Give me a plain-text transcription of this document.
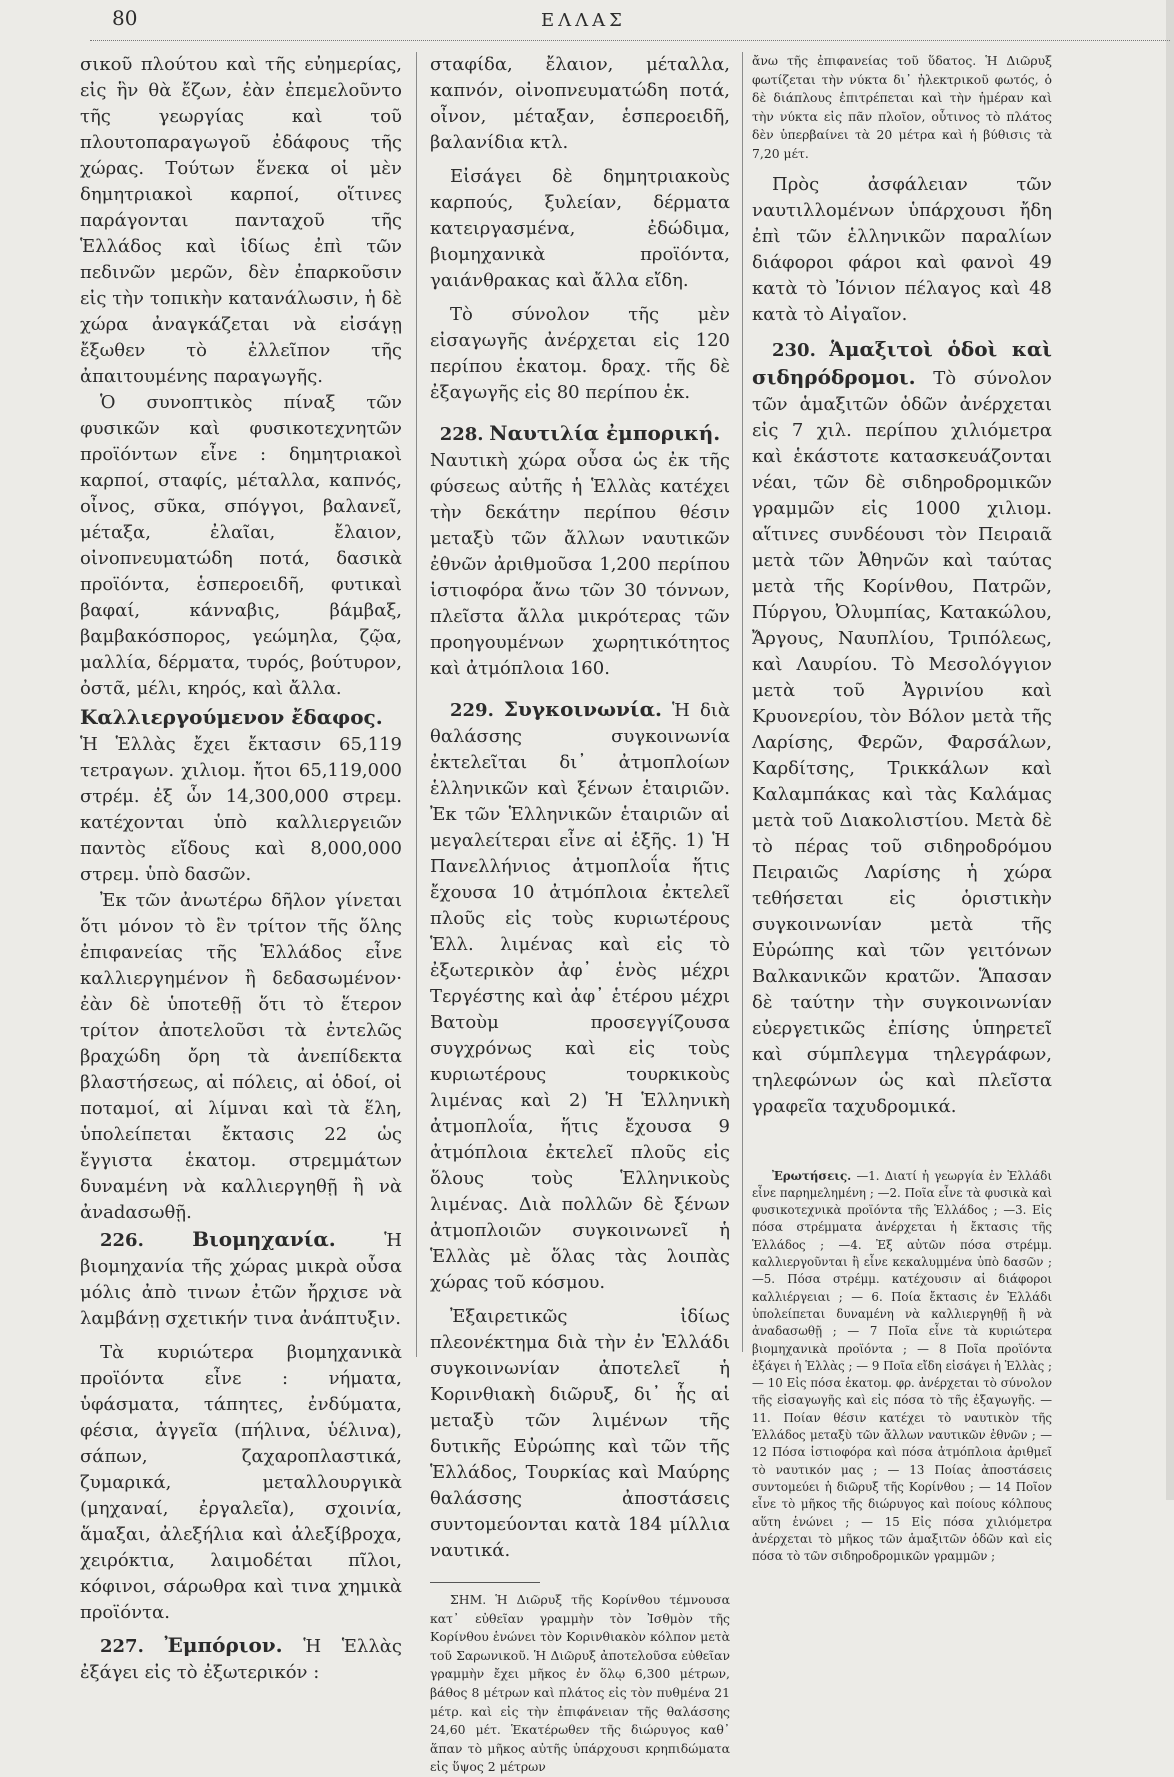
80	ΕΛΛΑΣ

σικοῦ πλούτου καὶ τῆς εὐημερίας, εἰς ἣν θὰ ἔζων, ἐὰν ἐπεμελοῦντο τῆς γεωργίας καὶ τοῦ πλουτοπαραγωγοῦ ἐδάφους τῆς χώρας. Τούτων ἕνεκα οἱ μὲν δημητριακοὶ καρποί, οἵτινες παράγονται πανταχοῦ τῆς Ἑλλάδος καὶ ἰδίως ἐπὶ τῶν πεδινῶν μερῶν, δὲν ἐπαρκοῦσιν εἰς τὴν τοπικὴν κατανάλωσιν, ἡ δὲ χώρα ἀναγκάζεται νὰ εἰσάγῃ ἔξωθεν τὸ ἐλλεῖπον τῆς ἀπαιτουμένης παραγωγῆς.

Ὁ συνοπτικὸς πίναξ τῶν φυσικῶν καὶ φυσικοτεχνητῶν προϊόντων εἶνε : δημητριακοὶ καρποί, σταφίς, μέταλλα, καπνός, οἶνος, σῦκα, σπόγγοι, βαλανεῖ, μέταξα, ἐλαῖαι, ἔλαιον, οἰνοπνευματώδη ποτά, δασικὰ προϊόντα, ἑσπεροειδῆ, φυτικαὶ βαφαί, κάνναβις, βάμβαξ, βαμβακόσπορος, γεώμηλα, ζῷα, μαλλία, δέρματα, τυρός, βούτυρον, ὀστᾶ, μέλι, κηρός, καὶ ἄλλα.

Καλλιεργούμενον ἔδαφος.

Ἡ Ἑλλὰς ἔχει ἔκτασιν 65,119 τετραγων. χιλιομ. ἤτοι 65,119,000 στρέμ. ἐξ ὧν 14,300,000 στρεμ. κατέχονται ὑπὸ καλλιεργειῶν παντὸς εἴδους καὶ 8,000,000 στρεμ. ὑπὸ δασῶν.

Ἐκ τῶν ἀνωτέρω δῆλον γίνεται ὅτι μόνον τὸ ἓν τρίτον τῆς ὅλης ἐπιφανείας τῆς Ἑλλάδος εἶνε καλλιεργημένον ἢ δεδασωμένον· ἐὰν δὲ ὑποτεθῇ ὅτι τὸ ἕτερον τρίτον ἀποτελοῦσι τὰ ἐντελῶς βραχώδη ὄρη τὰ ἀνεπίδεκτα βλαστήσεως, αἱ πόλεις, αἱ ὁδοί, οἱ ποταμοί, αἱ λίμναι καὶ τὰ ἕλη, ὑπολείπεται ἔκτασις 22 ὡς ἔγγιστα ἑκατομ. στρεμμάτων δυναμένη νὰ καλλιεργηθῇ ἢ νὰ ἀνadασωθῇ.

226. Βιομηχανία.	Ἡ βιομηχανία τῆς χώρας μικρὰ οὖσα μόλις ἀπὸ τινων ἐτῶν ἤρχισε νὰ λαμβάνῃ σχετικήν τινα ἀνάπτυξιν.

Τὰ κυριώτερα βιομηχανικὰ προϊόντα εἶνε : νήματα, ὑφάσματα, τάπητες, ἐνδύματα, φέσια, ἀγγεῖα (πήλινα, ὑέλινα), σάπων, ζαχαροπλαστικά, ζυμαρικά, μεταλλουργικὰ (μηχαναί, ἐργαλεῖα), σχοινία, ἅμαξαι, ἀλεξήλια καὶ ἀλεξίβροχα, χειρόκτια, λαιμοδέται πῖλοι, κόφινοι, σάρωθρα καὶ τινα χημικὰ προϊόντα.

227. Ἐμπόριον. Ἡ Ἑλλὰς ἐξάγει εἰς τὸ ἐξωτερικόν :

σταφίδα, ἔλαιον, μέταλλα, καπνόν, οἰνοπνευματώδη ποτά, οἶνον, μέταξαν, ἑσπεροειδῆ, βαλανίδια κτλ.

Εἰσάγει δὲ δημητριακοὺς καρπούς, ξυλείαν, δέρματα κατειργασμένα, ἐδώδιμα, βιομηχανικὰ προϊόντα, γαιάνθρακας καὶ ἄλλα εἴδη.

Τὸ σύνολον τῆς μὲν εἰσαγωγῆς ἀνέρχεται εἰς 120 περίπου ἑκατομ. δραχ. τῆς δὲ ἐξαγωγῆς εἰς 80 περίπου ἑκ.

228. Ναυτιλία ἐμπορική.

Ναυτικὴ χώρα οὖσα ὡς ἐκ τῆς φύσεως αὐτῆς ἡ Ἑλλὰς κατέχει τὴν δεκάτην περίπου θέσιν μεταξὺ τῶν ἄλλων ναυτικῶν ἐθνῶν ἀριθμοῦσα 1,200 περίπου ἱστιοφόρα ἄνω τῶν 30 τόννων, πλεῖστα ἄλλα μικρότερας τῶν προηγουμένων χωρητικότητος καὶ ἀτμόπλοια 160.

229. Συγκοινωνία. Ἡ διὰ θαλάσσης συγκοινωνία ἐκτελεῖται δι᾿ ἀτμοπλοίων ἑλληνικῶν καὶ ξένων ἑταιριῶν. Ἐκ τῶν Ἑλληνικῶν ἑταιριῶν αἱ μεγαλείτεραι εἶνε αἱ ἑξῆς. 1) Ἡ Πανελλήνιος ἀτμοπλοΐα ἥτις ἔχουσα 10 ἀτμόπλοια ἐκτελεῖ πλοῦς εἰς τοὺς κυριωτέρους Ἑλλ. λιμένας καὶ εἰς τὸ ἐξωτερικὸν ἀφ᾿ ἑνὸς μέχρι Τεργέστης καὶ ἀφ᾿ ἑτέρου μέχρι Βατοὺμ προσεγγίζουσα συγχρόνως καὶ εἰς τοὺς κυριωτέρους τουρκικοὺς λιμένας καὶ 2) Ἡ Ἑλληνικὴ ἀτμοπλοΐα, ἥτις ἔχουσα 9 ἀτμόπλοια ἐκτελεῖ πλοῦς εἰς ὅλους τοὺς Ἑλληνικοὺς λιμένας. Διὰ πολλῶν δὲ ξένων ἀτμοπλοιῶν συγκοινωνεῖ ἡ Ἑλλὰς μὲ ὅλας τὰς λοιπὰς χώρας τοῦ κόσμου.

Ἐξαιρετικῶς ἰδίως πλεονέκτημα διὰ τὴν ἐν Ἑλλάδι συγκοινωνίαν ἀποτελεῖ ἡ Κορινθιακὴ διῶρυξ, δι᾿ ἧς αἱ μεταξὺ τῶν λιμένων τῆς δυτικῆς Εὐρώπης καὶ τῶν τῆς Ἑλλάδος, Τουρκίας καὶ Μαύρης θαλάσσης ἀποστάσεις συντομεύονται κατὰ 184 μίλλια ναυτικά.

ΣΗΜ. Ἡ Διῶρυξ τῆς Κορίνθου τέμνουσα κατ᾿ εὐθεῖαν γραμμὴν τὸν Ἰσθμὸν τῆς Κορίνθου ἑνώνει τὸν Κορινθιακὸν κόλπον μετὰ τοῦ Σαρωνικοῦ. Ἡ Διῶρυξ ἀποτελοῦσα εὐθεῖαν γραμμὴν ἔχει μῆκος ἐν ὅλῳ 6,300 μέτρων, βάθος 8 μέτρων καὶ πλάτος εἰς τὸν πυθμένα 21 μέτρ. καὶ εἰς τὴν ἐπιφάνειαν τῆς θαλάσσης 24,60 μέτ. Ἑκατέρωθεν τῆς διώρυγος καθ᾿ ἅπαν τὸ μῆκος αὐτῆς ὑπάρχουσι κρηπιδώματα εἰς ὕψος 2 μέτρων

ἄνω τῆς ἐπιφανείας τοῦ ὕδατος. Ἡ Διῶρυξ φωτίζεται τὴν νύκτα δι᾿ ἠλεκτρικοῦ φωτός, ὁ δὲ διάπλους ἐπιτρέπεται καὶ τὴν ἡμέραν καὶ τὴν νύκτα εἰς πᾶν πλοῖον, οὗτινος τὸ πλάτος δὲν ὑπερβαίνει τὰ 20 μέτρα καὶ ἡ βύθισις τὰ 7,20 μέτ.

Πρὸς ἀσφάλειαν τῶν ναυτιλλομένων ὑπάρχουσι ἤδη ἐπὶ τῶν ἑλληνικῶν παραλίων διάφοροι φάροι καὶ φανοὶ 49 κατὰ τὸ Ἰόνιον πέλαγος καὶ 48 κατὰ τὸ Αἰγαῖον.

230. Ἁμαξιτοὶ ὁδοὶ καὶ σιδηρόδρομοι. Τὸ σύνολον τῶν ἁμαξιτῶν ὁδῶν ἀνέρχεται εἰς 7 χιλ. περίπου χιλιόμετρα καὶ ἑκάστοτε κατασκευάζονται νέαι, τῶν δὲ σιδηροδρομικῶν γραμμῶν εἰς 1000 χιλιομ. αἵτινες συνδέουσι τὸν Πειραιᾶ μετὰ τῶν Ἀθηνῶν καὶ ταύτας μετὰ τῆς Κορίνθου, Πατρῶν, Πύργου, Ὀλυμπίας, Κατακώλου, Ἄργους, Ναυπλίου, Τριπόλεως, καὶ Λαυρίου. Τὸ Μεσολόγγιον μετὰ τοῦ Ἀγρινίου καὶ Κρυονερίου, τὸν Βόλον μετὰ τῆς Λαρίσης, Φερῶν, Φαρσάλων, Καρδίτσης, Τρικκάλων καὶ Καλαμπάκας καὶ τὰς Καλάμας μετὰ τοῦ Διακολιστίου. Μετὰ δὲ τὸ πέρας τοῦ σιδηροδρόμου Πειραιῶς Λαρίσης ἡ χώρα τεθήσεται εἰς ὁριστικὴν συγκοινωνίαν μετὰ τῆς Εὐρώπης καὶ τῶν γειτόνων Βαλκανικῶν κρατῶν. Ἅπασαν δὲ ταύτην τὴν συγκοινωνίαν εὐεργετικῶς ἐπίσης ὑπηρετεῖ καὶ σύμπλεγμα τηλεγράφων, τηλεφώνων ὡς καὶ πλεῖστα γραφεῖα ταχυδρομικά.

Ἐρωτήσεις. —1. Διατί ἡ γεωργία ἐν Ἑλλάδι εἶνε παρημελημένη ; —2. Ποῖα εἶνε τὰ φυσικὰ καὶ φυσικοτεχνικὰ προϊόντα τῆς Ἑλλάδος ; —3. Εἰς πόσα στρέμματα ἀνέρχεται ἡ ἔκτασις τῆς Ἑλλάδος ; —4. Ἐξ αὐτῶν πόσα στρέμμ. καλλιεργοῦνται ἢ εἶνε κεκαλυμμένα ὑπὸ δασῶν ; —5. Πόσα στρέμμ. κατέχουσιν αἱ διάφοροι καλλιέργειαι ; — 6. Ποία ἔκτασις ἐν Ἑλλάδι ὑπολείπεται δυναμένη νὰ καλλιεργηθῇ ἢ νὰ ἀναδασωθῇ ; — 7 Ποῖα εἶνε τὰ κυριώτερα βιομηχανικὰ προϊόντα ; — 8 Ποῖα προϊόντα ἐξάγει ἡ Ἑλλὰς ; — 9 Ποῖα εἴδη εἰσάγει ἡ Ἑλλὰς ; — 10 Εἰς πόσα ἑκατομ. φρ. ἀνέρχεται τὸ σύνολον τῆς εἰσαγωγῆς καὶ εἰς πόσα τὸ τῆς ἐξαγωγῆς. — 11. Ποίαν θέσιν κατέχει τὸ ναυτικὸν τῆς Ἑλλάδος μεταξὺ τῶν ἄλλων ναυτικῶν ἐθνῶν ; — 12 Πόσα ἱστιοφόρα καὶ πόσα ἀτμόπλοια ἀριθμεῖ τὸ ναυτικόν μας ; — 13 Ποίας ἀποστάσεις συντομεύει ἡ διῶρυξ τῆς Κορίνθου ; — 14 Ποῖον εἶνε τὸ μῆκος τῆς διώρυγος καὶ ποίους κόλπους αὕτη ἑνώνει ; — 15 Εἰς πόσα χιλιόμετρα ἀνέρχεται τὸ μῆκος τῶν ἁμαξιτῶν ὁδῶν καὶ εἰς πόσα τὸ τῶν σιδηροδρομικῶν γραμμῶν ;
